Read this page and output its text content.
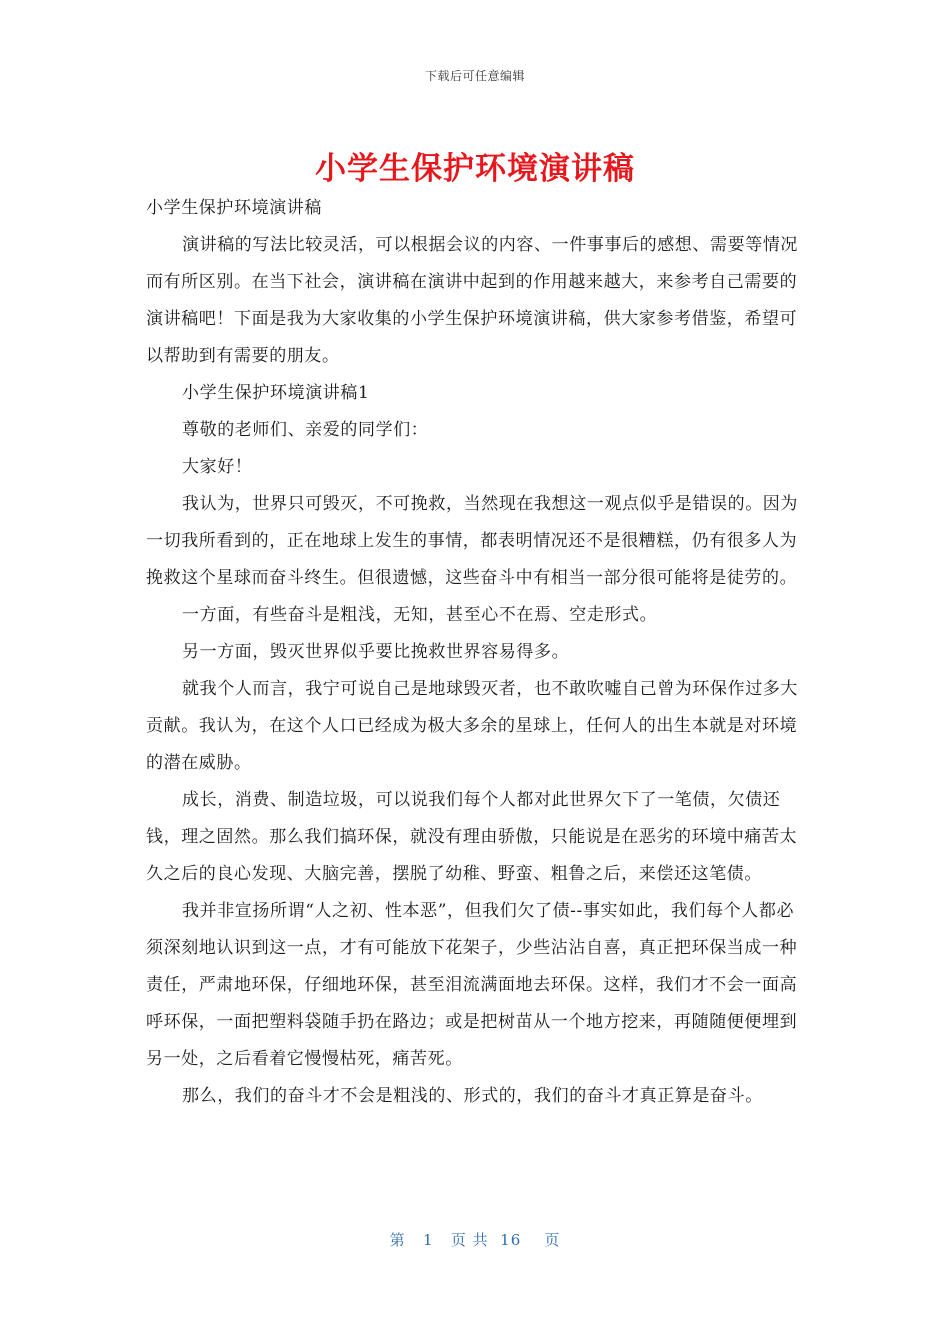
下载后可任意编辑
小学生保护环境演讲稿

小学生保护环境演讲稿

演讲稿的写法比较灵活，可以根据会议的内容、一件事事后的感想、需要等情况而有所区别。在当下社会，演讲稿在演讲中起到的作用越来越大，来参考自己需要的演讲稿吧！下面是我为大家收集的小学生保护环境演讲稿，供大家参考借鉴，希望可以帮助到有需要的朋友。

小学生保护环境演讲稿1

尊敬的老师们、亲爱的同学们：

大家好！

我认为，世界只可毁灭，不可挽救，当然现在我想这一观点似乎是错误的。因为一切我所看到的，正在地球上发生的事情，都表明情况还不是很糟糕，仍有很多人为挽救这个星球而奋斗终生。但很遗憾，这些奋斗中有相当一部分很可能将是徒劳的。

一方面，有些奋斗是粗浅，无知，甚至心不在焉、空走形式。

另一方面，毁灭世界似乎要比挽救世界容易得多。

就我个人而言，我宁可说自己是地球毁灭者，也不敢吹嘘自己曾为环保作过多大贡献。我认为，在这个人口已经成为极大多余的星球上，任何人的出生本就是对环境的潜在威胁。

成长，消费、制造垃圾，可以说我们每个人都对此世界欠下了一笔债，欠债还钱，理之固然。那么我们搞环保，就没有理由骄傲，只能说是在恶劣的环境中痛苦太久之后的良心发现、大脑完善，摆脱了幼稚、野蛮、粗鲁之后，来偿还这笔债。

我并非宣扬所谓“人之初、性本恶”，但我们欠了债--事实如此，我们每个人都必须深刻地认识到这一点，才有可能放下花架子，少些沾沾自喜，真正把环保当成一种责任，严肃地环保，仔细地环保，甚至泪流满面地去环保。这样，我们才不会一面高呼环保，一面把塑料袋随手扔在路边；或是把树苗从一个地方挖来，再随随便便埋到另一处，之后看着它慢慢枯死，痛苦死。

那么，我们的奋斗才不会是粗浅的、形式的，我们的奋斗才真正算是奋斗。

第 1 页 共 16 页
